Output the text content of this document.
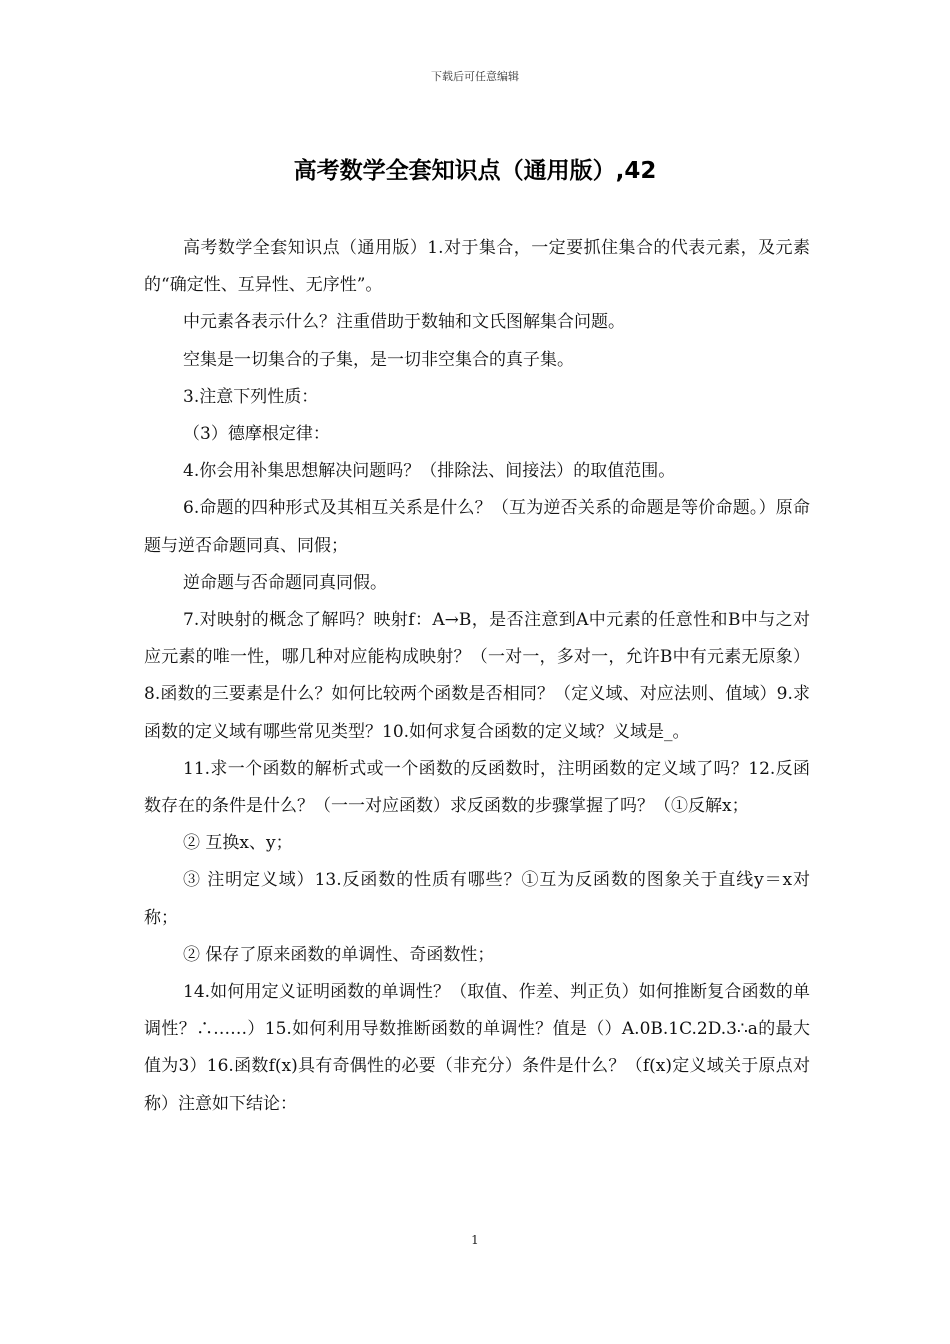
下载后可任意编辑
高考数学全套知识点（通用版）,42

高考数学全套知识点（通用版）1.对于集合，一定要抓住集合的代表元素，及元素的“确定性、互异性、无序性”。

中元素各表示什么？注重借助于数轴和文氏图解集合问题。

空集是一切集合的子集，是一切非空集合的真子集。

3.注意下列性质：

（3）德摩根定律：

4.你会用补集思想解决问题吗？（排除法、间接法）的取值范围。

6.命题的四种形式及其相互关系是什么？（互为逆否关系的命题是等价命题。）原命题与逆否命题同真、同假；

逆命题与否命题同真同假。

7.对映射的概念了解吗？映射f：A→B，是否注意到A中元素的任意性和B中与之对应元素的唯一性，哪几种对应能构成映射？（一对一，多对一，允许B中有元素无原象）8.函数的三要素是什么？如何比较两个函数是否相同？（定义域、对应法则、值域）9.求函数的定义域有哪些常见类型？10.如何求复合函数的定义域？义域是_。

11.求一个函数的解析式或一个函数的反函数时，注明函数的定义域了吗？12.反函数存在的条件是什么？（一一对应函数）求反函数的步骤掌握了吗？（①反解x；

② 互换x、y；

③ 注明定义域）13.反函数的性质有哪些？①互为反函数的图象关于直线y＝x对称；

② 保存了原来函数的单调性、奇函数性；

14.如何用定义证明函数的单调性？（取值、作差、判正负）如何推断复合函数的单调性？∴……）15.如何利用导数推断函数的单调性？值是（）A.0B.1C.2D.3∴a的最大值为3）16.函数f(x)具有奇偶性的必要（非充分）条件是什么？（f(x)定义域关于原点对称）注意如下结论：

1
